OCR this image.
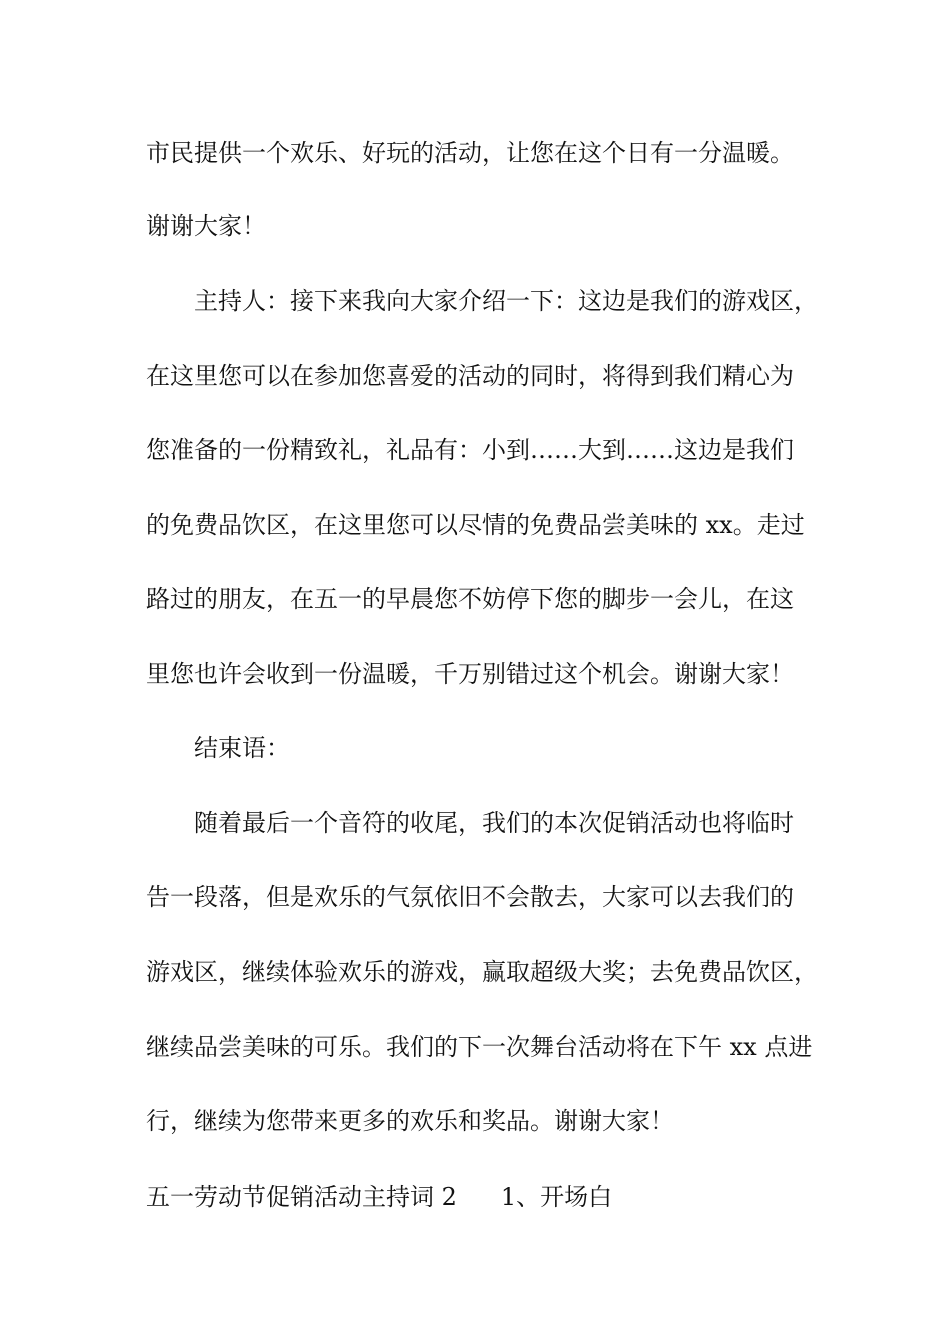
市民提供一个欢乐、好玩的活动，让您在这个日有一分温暖。
谢谢大家！
主持人：接下来我向大家介绍一下：这边是我们的游戏区，
在这里您可以在参加您喜爱的活动的同时，将得到我们精心为
您准备的一份精致礼，礼品有：小到……大到……这边是我们
的免费品饮区，在这里您可以尽情的免费品尝美味的 xx。走过
路过的朋友，在五一的早晨您不妨停下您的脚步一会儿，在这
里您也许会收到一份温暖，千万别错过这个机会。谢谢大家！
结束语：
随着最后一个音符的收尾，我们的本次促销活动也将临时
告一段落，但是欢乐的气氛依旧不会散去，大家可以去我们的
游戏区，继续体验欢乐的游戏，赢取超级大奖；去免费品饮区，
继续品尝美味的可乐。我们的下一次舞台活动将在下午 xx 点进
行，继续为您带来更多的欢乐和奖品。谢谢大家！
五一劳动节促销活动主持词 2 1、开场白
